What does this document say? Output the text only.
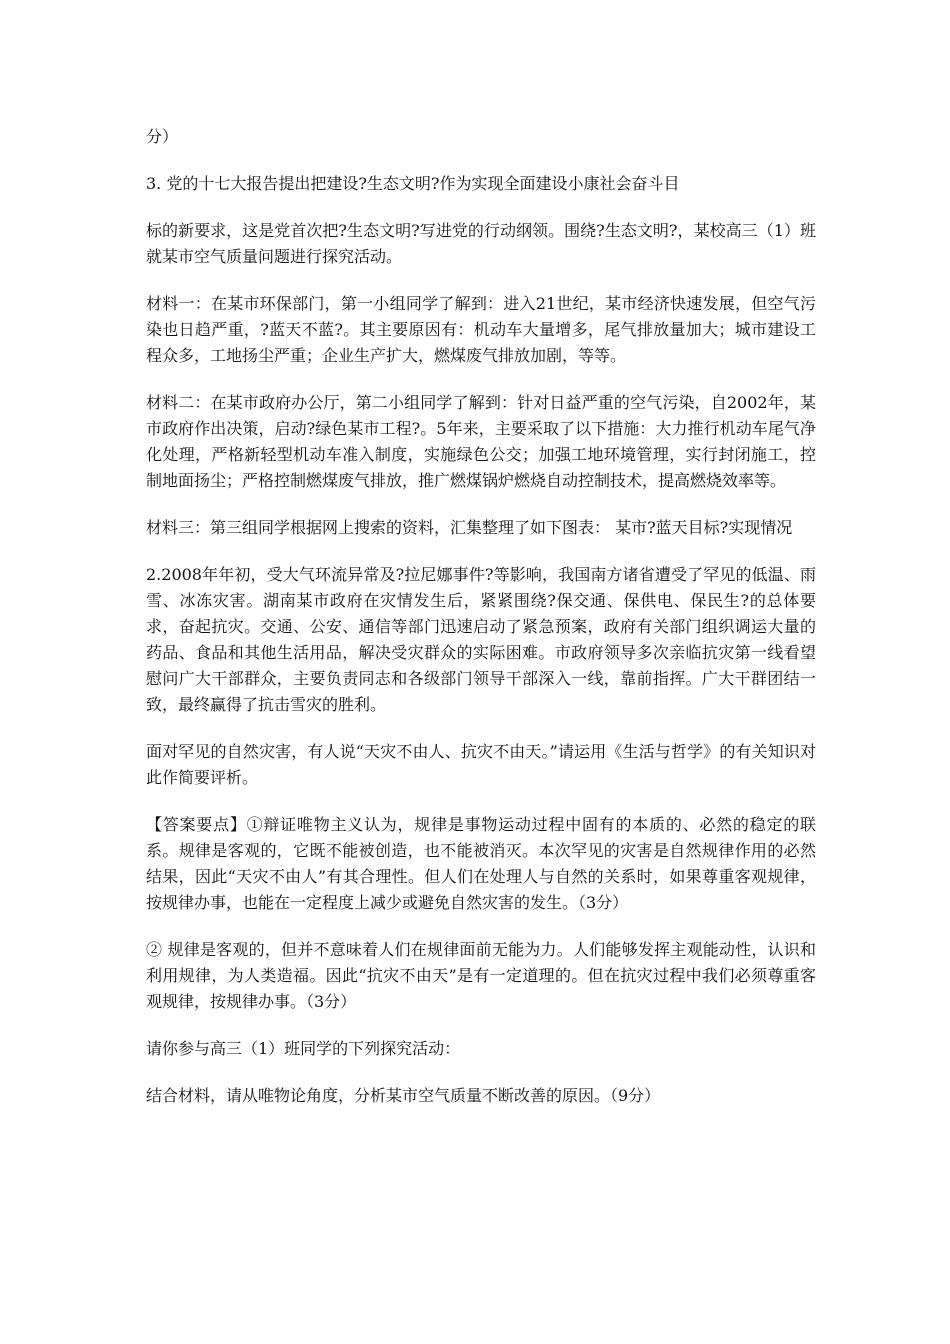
分）

3. 党的十七大报告提出把建设?生态文明?作为实现全面建设小康社会奋斗目

标的新要求，这是党首次把?生态文明?写进党的行动纲领。围绕?生态文明?，某校高三（1）班就某市空气质量问题进行探究活动。

材料一：在某市环保部门，第一小组同学了解到：进入21世纪，某市经济快速发展，但空气污染也日趋严重，?蓝天不蓝?。其主要原因有：机动车大量增多，尾气排放量加大；城市建设工程众多，工地扬尘严重；企业生产扩大，燃煤废气排放加剧，等等。

材料二：在某市政府办公厅，第二小组同学了解到：针对日益严重的空气污染，自2002年，某市政府作出决策，启动?绿色某市工程?。5年来，主要采取了以下措施：大力推行机动车尾气净化处理，严格新轻型机动车准入制度，实施绿色公交；加强工地环境管理，实行封闭施工，控制地面扬尘；严格控制燃煤废气排放，推广燃煤锅炉燃烧自动控制技术，提高燃烧效率等。

材料三：第三组同学根据网上搜索的资料，汇集整理了如下图表： 某市?蓝天目标?实现情况

2.2008年年初，受大气环流异常及?拉尼娜事件?等影响，我国南方诸省遭受了罕见的低温、雨雪、冰冻灾害。湖南某市政府在灾情发生后，紧紧围绕?保交通、保供电、保民生?的总体要求，奋起抗灾。交通、公安、通信等部门迅速启动了紧急预案，政府有关部门组织调运大量的药品、食品和其他生活用品，解决受灾群众的实际困难。市政府领导多次亲临抗灾第一线看望慰问广大干部群众，主要负责同志和各级部门领导干部深入一线，靠前指挥。广大干群团结一致，最终赢得了抗击雪灾的胜利。

面对罕见的自然灾害，有人说“天灾不由人、抗灾不由天。”请运用《生活与哲学》的有关知识对此作简要评析。

【答案要点】①辩证唯物主义认为，规律是事物运动过程中固有的本质的、必然的稳定的联系。规律是客观的，它既不能被创造，也不能被消灭。本次罕见的灾害是自然规律作用的必然结果，因此“天灾不由人”有其合理性。但人们在处理人与自然的关系时，如果尊重客观规律，按规律办事，也能在一定程度上减少或避免自然灾害的发生。（3分）

② 规律是客观的，但并不意味着人们在规律面前无能为力。人们能够发挥主观能动性，认识和利用规律，为人类造福。因此“抗灾不由天”是有一定道理的。但在抗灾过程中我们必须尊重客观规律，按规律办事。（3分）

请你参与高三（1）班同学的下列探究活动：

结合材料，请从唯物论角度，分析某市空气质量不断改善的原因。（9分）
